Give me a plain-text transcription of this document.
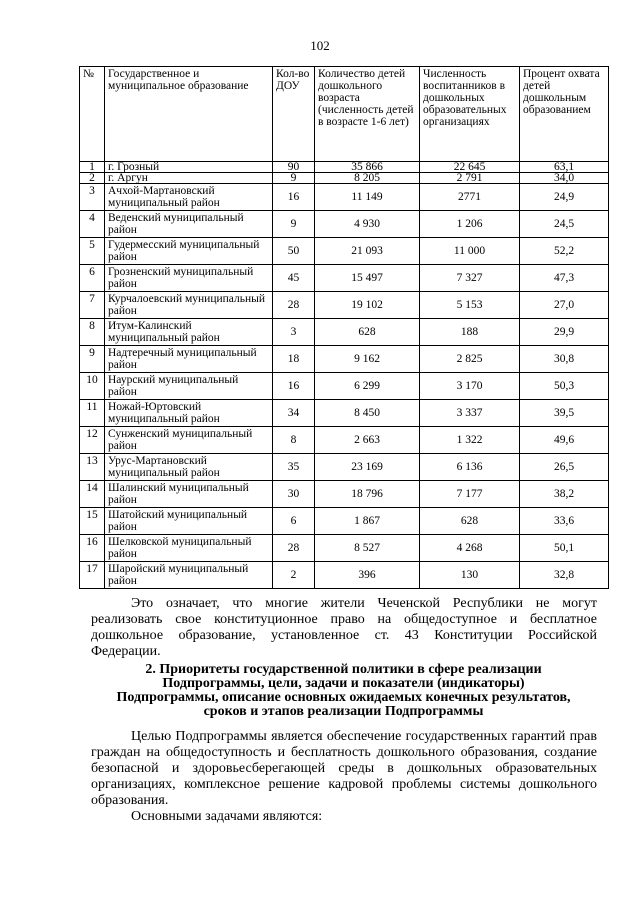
102
№	Государственное и муниципальное образование	Кол-во ДОУ	Количество детей дошкольного возраста (численность детей в возрасте 1-6 лет)	Численность воспитанников в дошкольных образовательных организациях	Процент охвата детей дошкольным образованием
1	г. Грозный	90	35 866	22 645	63,1
2	г. Аргун	9	8 205	2 791	34,0
3	Ачхой-Мартановский муниципальный район	16	11 149	2771	24,9
4	Веденский муниципальный район	9	4 930	1 206	24,5
5	Гудермесский муниципальный район	50	21 093	11 000	52,2
6	Грозненский муниципальный район	45	15 497	7 327	47,3
7	Курчалоевский муниципальный район	28	19 102	5 153	27,0
8	Итум-Калинский муниципальный район	3	628	188	29,9
9	Надтеречный муниципальный район	18	9 162	2 825	30,8
10	Наурский муниципальный район	16	6 299	3 170	50,3
11	Ножай-Юртовский муниципальный район	34	8 450	3 337	39,5
12	Сунженский муниципальный район	8	2 663	1 322	49,6
13	Урус-Мартановский муниципальный район	35	23 169	6 136	26,5
14	Шалинский муниципальный район	30	18 796	7 177	38,2
15	Шатойский муниципальный район	6	1 867	628	33,6
16	Шелковской муниципальный район	28	8 527	4 268	50,1
17	Шаройский муниципальный район	2	396	130	32,8
Это означает, что многие жители Чеченской Республики не могут реализовать свое конституционное право на общедоступное и бесплатное дошкольное образование, установленное ст. 43 Конституции Российской Федерации.
2. Приоритеты государственной политики в сфере реализации
Подпрограммы, цели, задачи и показатели (индикаторы)
Подпрограммы, описание основных ожидаемых конечных результатов,
сроков и этапов реализации Подпрограммы
Целью Подпрограммы является обеспечение государственных гарантий прав граждан на общедоступность и бесплатность дошкольного образования, создание безопасной и здоровьесберегающей среды в дошкольных образовательных организациях, комплексное решение кадровой проблемы системы дошкольного образования.
Основными задачами являются:
